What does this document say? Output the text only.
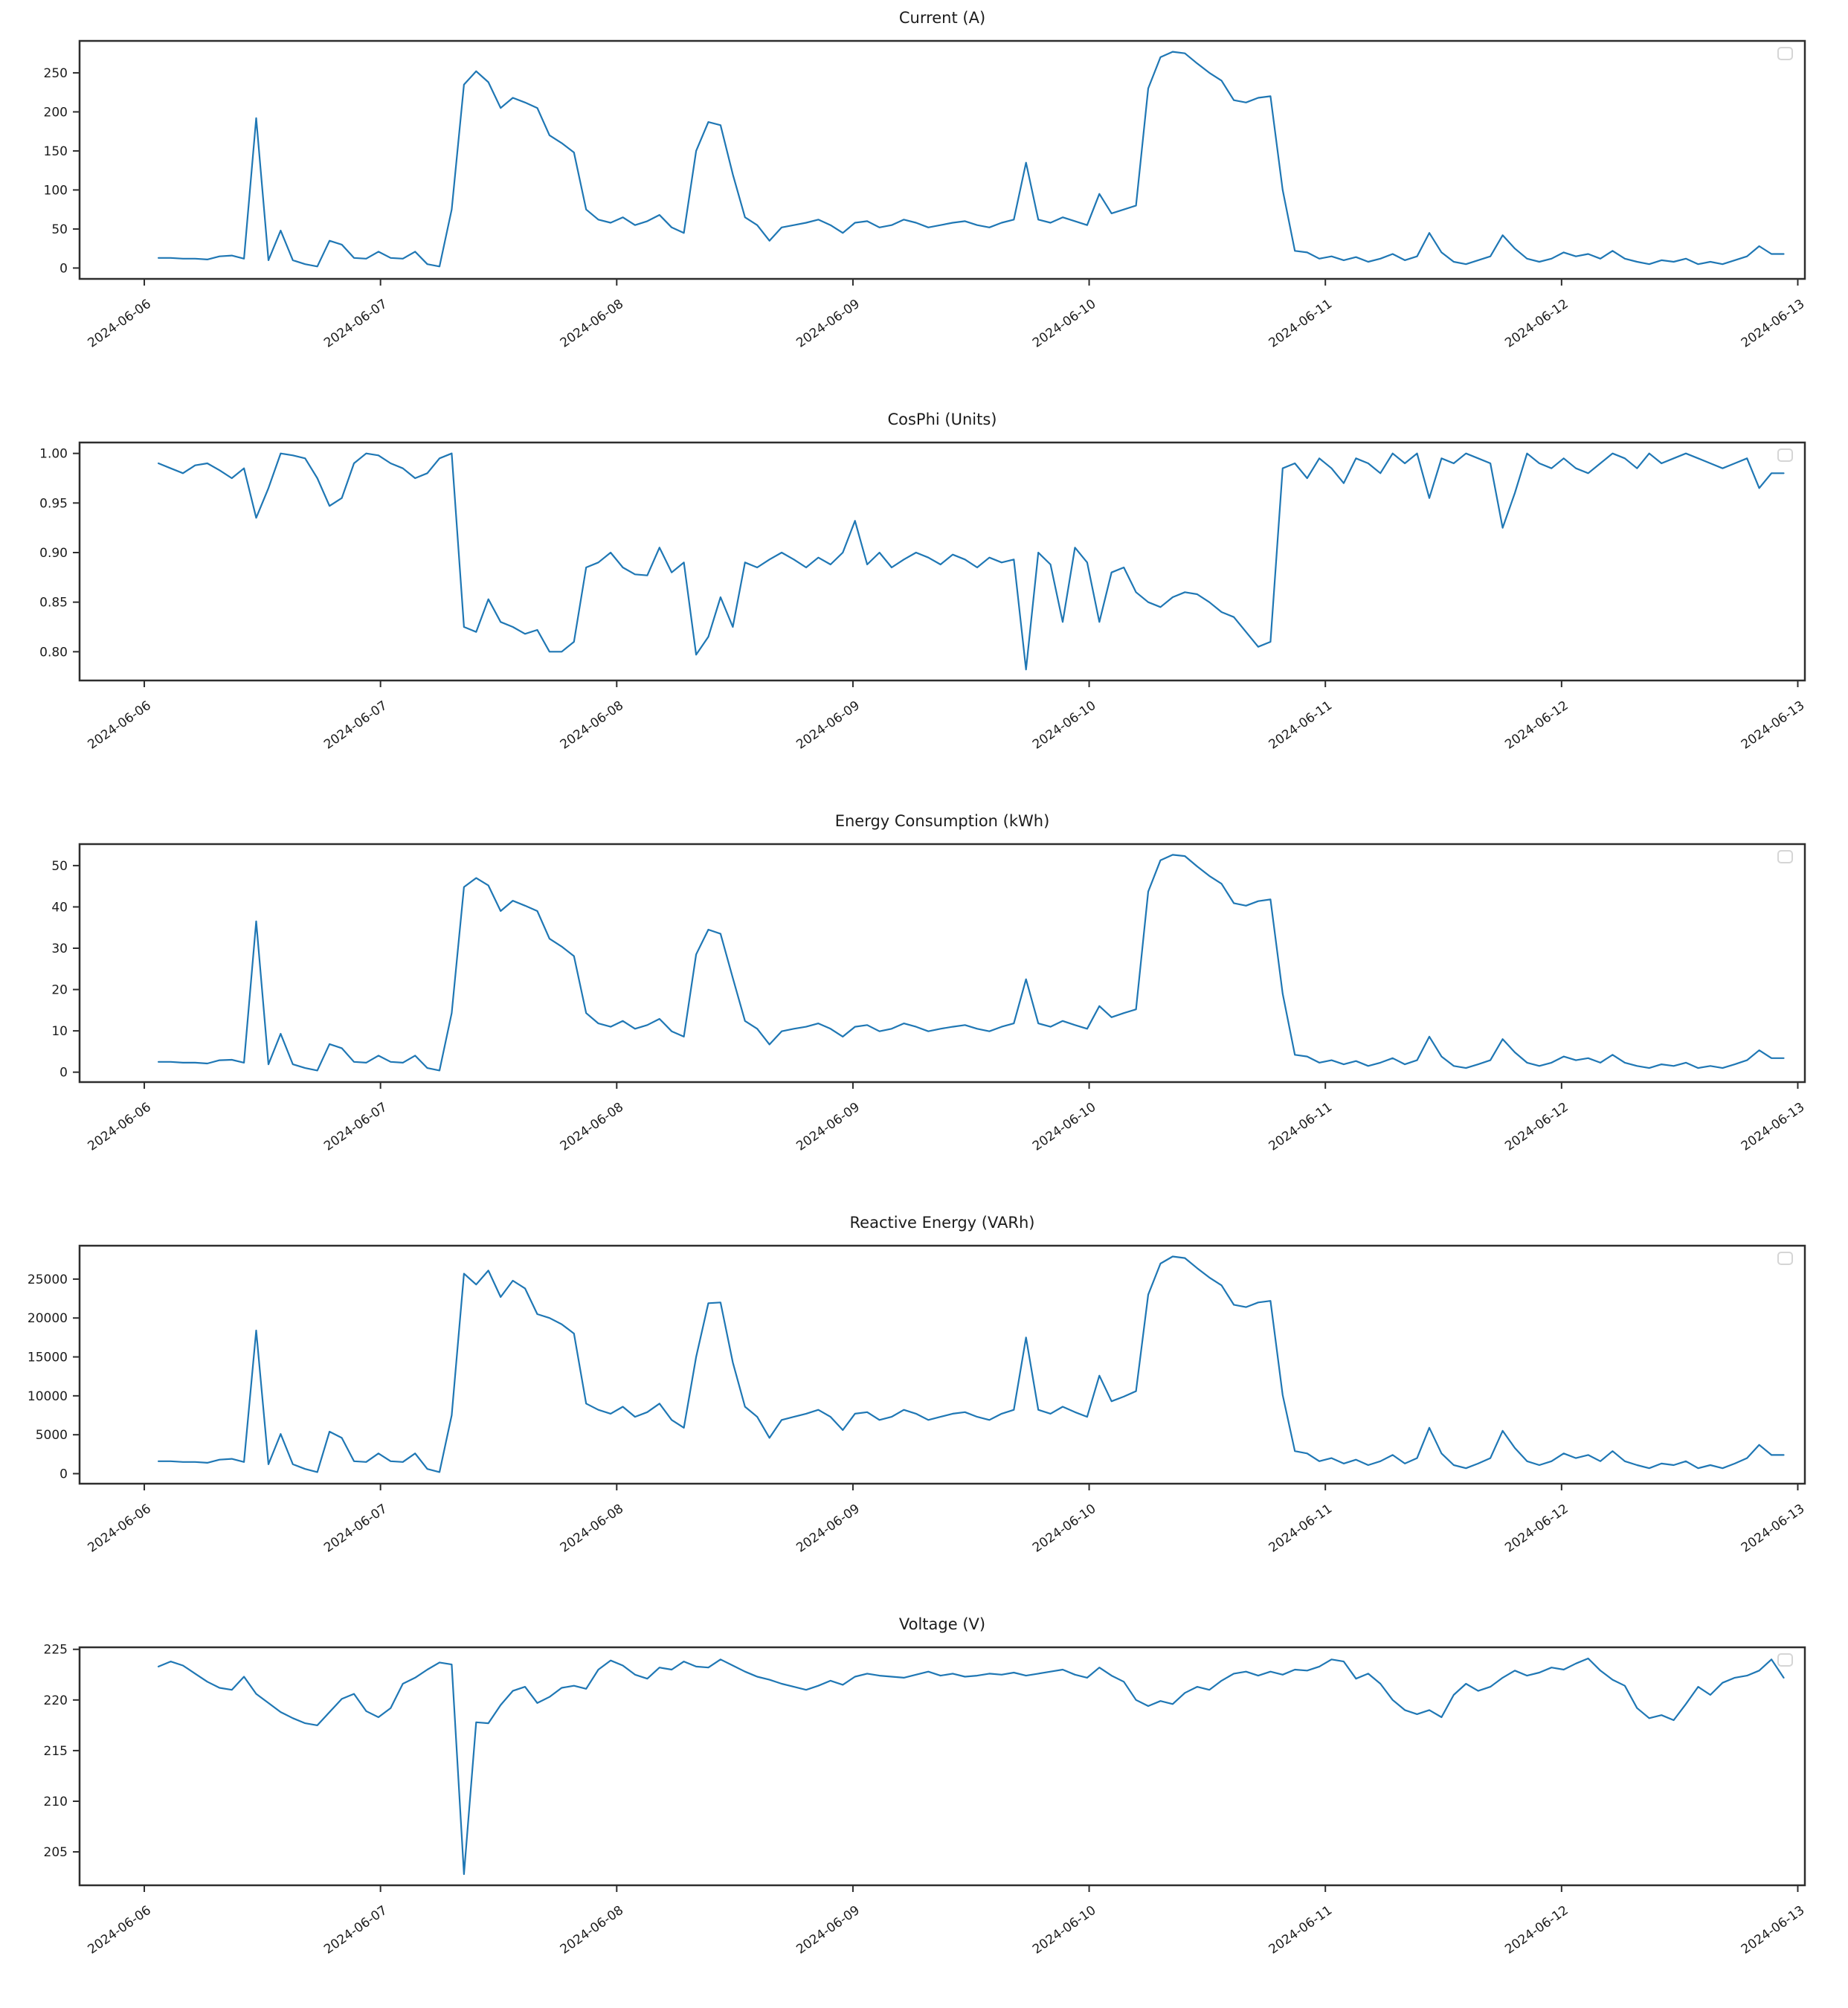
Current (A)
0
50
100
150
200
250
2024-06-06	2024-06-07	2024-06-08	2024-06-09	2024-06-10	2024-06-11	2024-06-12	2024-06-13
CosPhi (Units)
0.80
0.85
0.90
0.95
1.00
2024-06-06	2024-06-07	2024-06-08	2024-06-09	2024-06-10	2024-06-11	2024-06-12	2024-06-13
Energy Consumption (kWh)
0
10
20
30
40
50
2024-06-06	2024-06-07	2024-06-08	2024-06-09	2024-06-10	2024-06-11	2024-06-12	2024-06-13
Reactive Energy (VARh)
0
5000
10000
15000
20000
25000
2024-06-06	2024-06-07	2024-06-08	2024-06-09	2024-06-10	2024-06-11	2024-06-12	2024-06-13
Voltage (V)
205
210
215
220
225
2024-06-06	2024-06-07	2024-06-08	2024-06-09	2024-06-10	2024-06-11	2024-06-12	2024-06-13
